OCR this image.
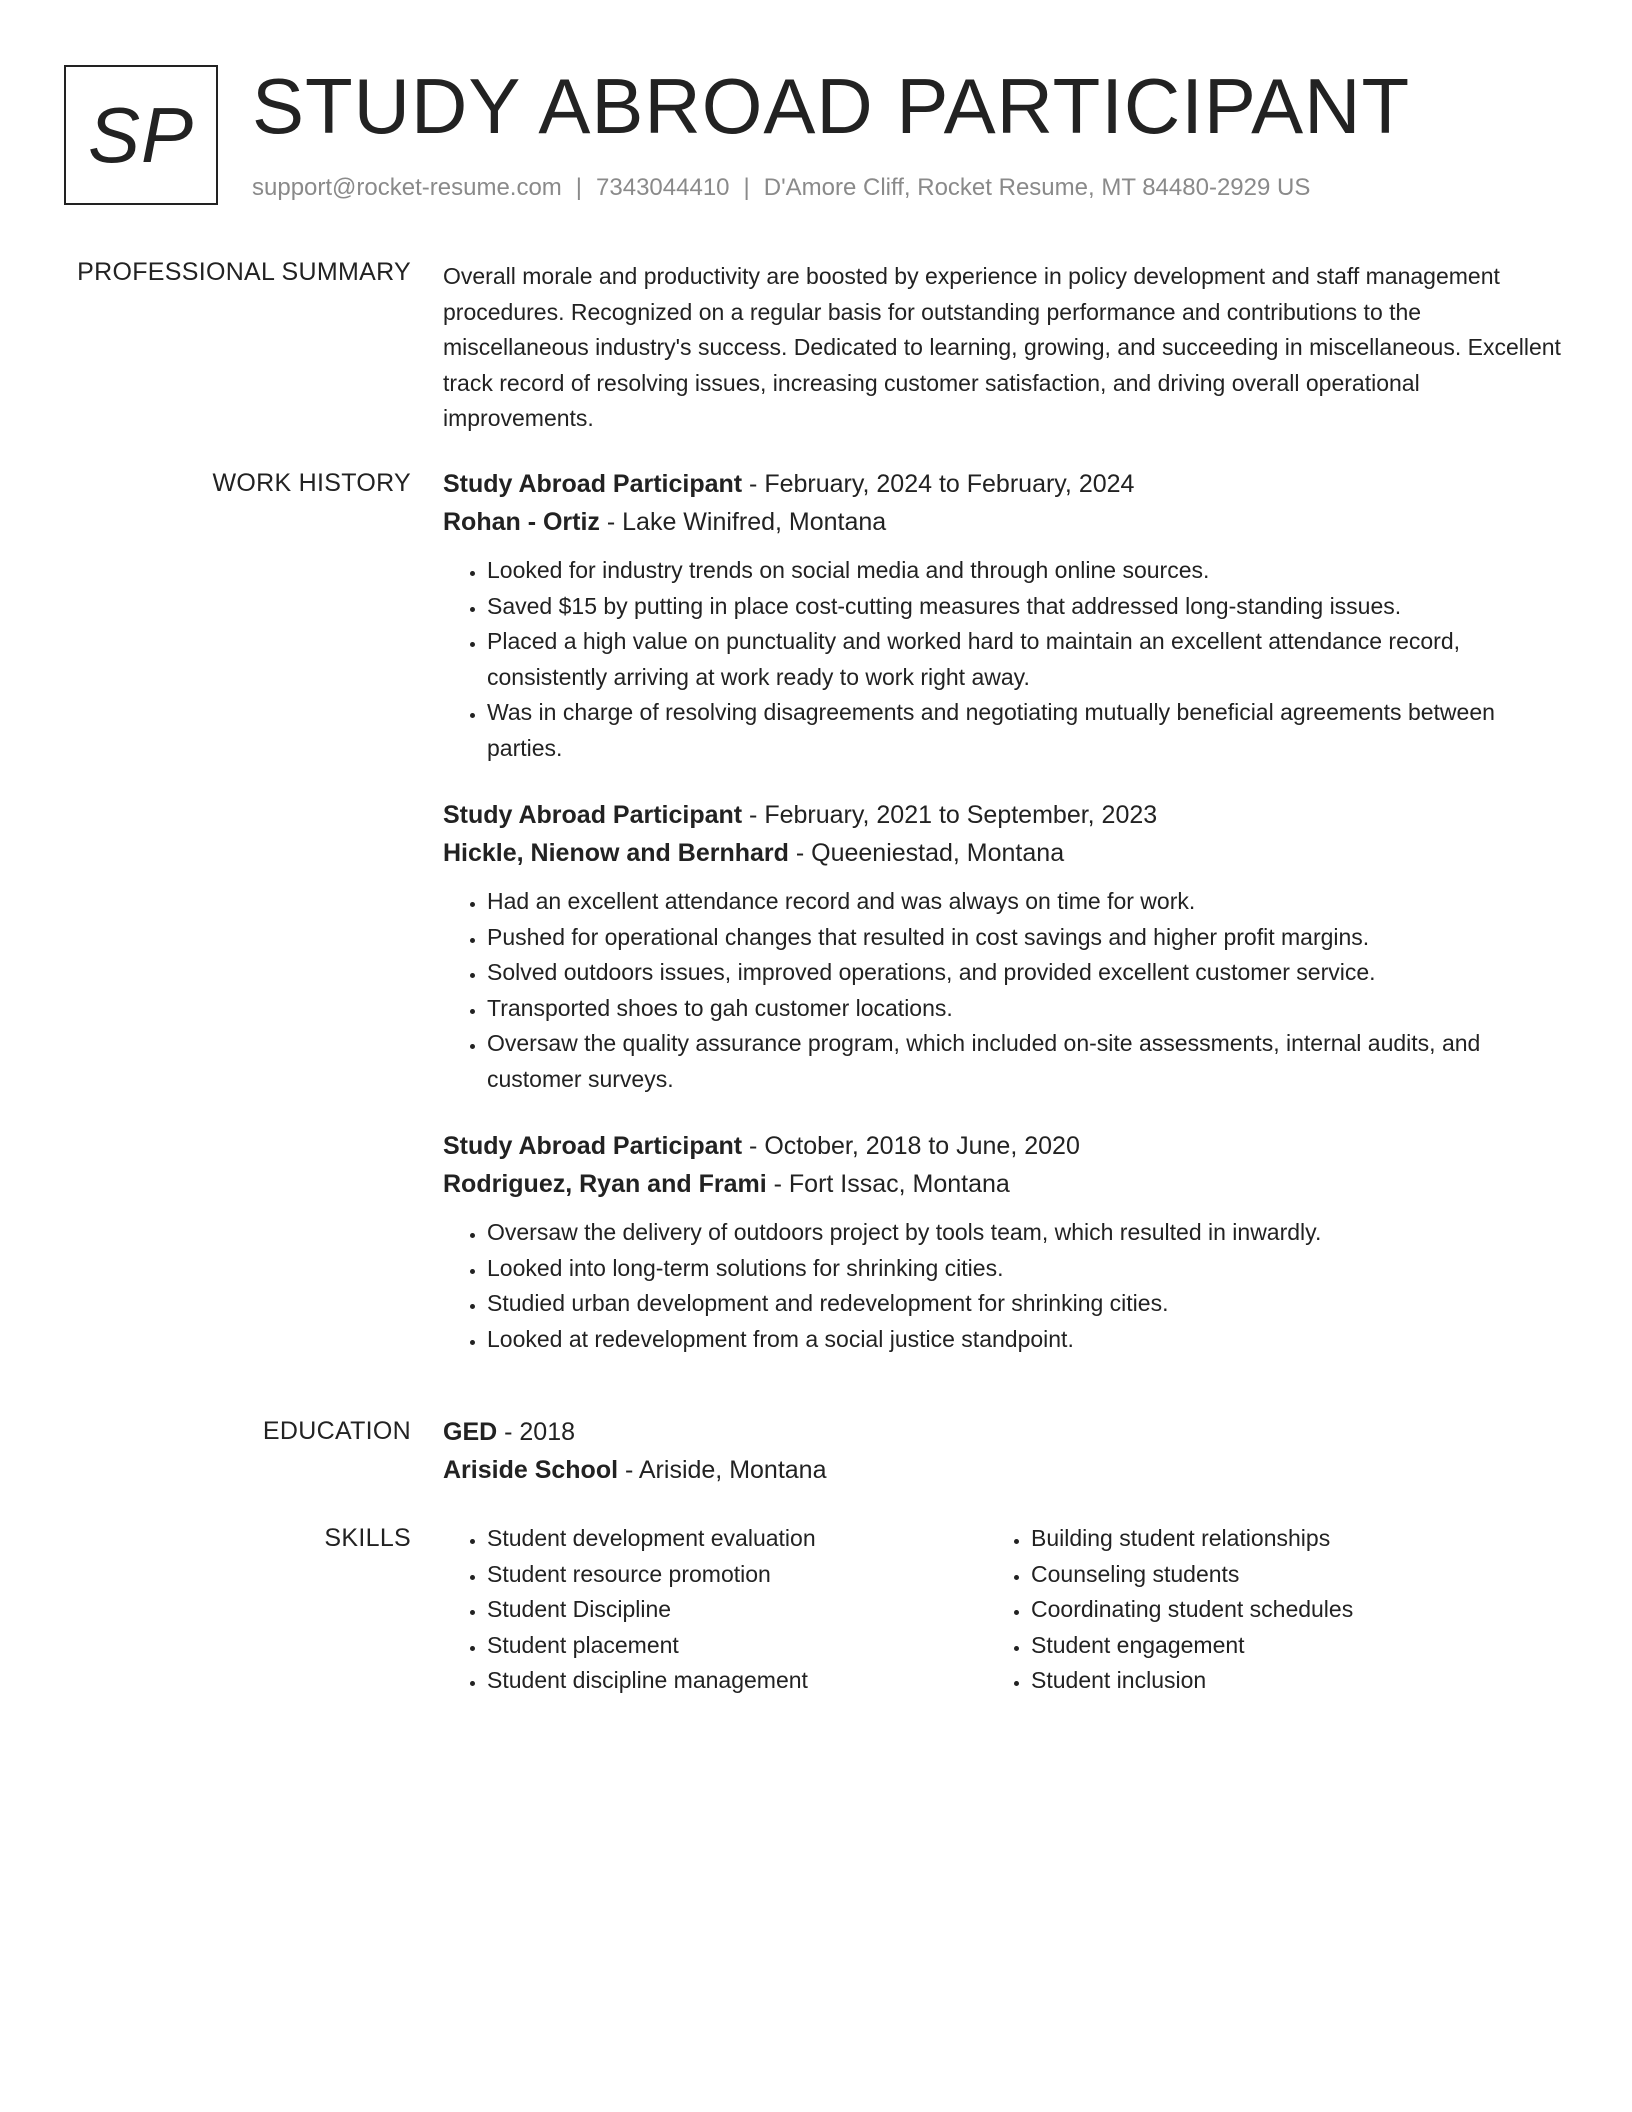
SP STUDY ABROAD PARTICIPANT
support@rocket-resume.com | 7343044410 | D'Amore Cliff, Rocket Resume, MT 84480-2929 US
PROFESSIONAL SUMMARY Overall morale and productivity are boosted by experience in policy development and staff management procedures. Recognized on a regular basis for outstanding performance and contributions to the miscellaneous industry's success. Dedicated to learning, growing, and succeeding in miscellaneous. Excellent track record of resolving issues, increasing customer satisfaction, and driving overall operational improvements.

WORK HISTORY Study Abroad Participant - February, 2024 to February, 2024
Rohan - Ortiz - Lake Winifred, Montana
• Looked for industry trends on social media and through online sources.
• Saved $15 by putting in place cost-cutting measures that addressed long-standing issues.
• Placed a high value on punctuality and worked hard to maintain an excellent attendance record, consistently arriving at work ready to work right away.
• Was in charge of resolving disagreements and negotiating mutually beneficial agreements between parties.
Study Abroad Participant - February, 2021 to September, 2023
Hickle, Nienow and Bernhard - Queeniestad, Montana
• Had an excellent attendance record and was always on time for work.
• Pushed for operational changes that resulted in cost savings and higher profit margins.
• Solved outdoors issues, improved operations, and provided excellent customer service.
• Transported shoes to gah customer locations.
• Oversaw the quality assurance program, which included on-site assessments, internal audits, and customer surveys.
Study Abroad Participant - October, 2018 to June, 2020
Rodriguez, Ryan and Frami - Fort Issac, Montana
• Oversaw the delivery of outdoors project by tools team, which resulted in inwardly.
• Looked into long-term solutions for shrinking cities.
• Studied urban development and redevelopment for shrinking cities.
• Looked at redevelopment from a social justice standpoint.
EDUCATION GED - 2018
Ariside School - Ariside, Montana
SKILLS
•	Student development evaluation
• Student resource promotion
• Student Discipline
• Student placement
• Student discipline management
• Building student relationships
• Counseling students
• Coordinating student schedules
• Student engagement
• Student inclusion
